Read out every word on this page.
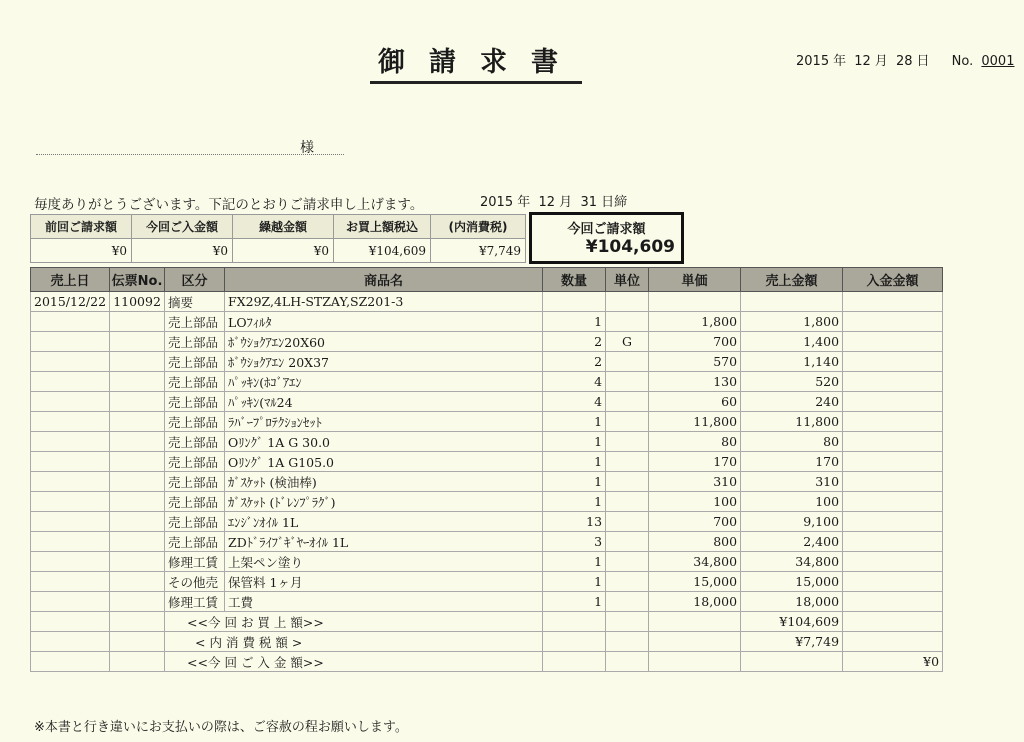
御請求書	2015 年 12 月 28 日 No. 0001
様
毎度ありがとうございます。下記のとおりご請求申し上げます。	2015 年 12 月 31 日締
前回ご請求額	今回ご入金額	繰越金額	お買上額税込	(内消費税)
¥0	¥0	¥0	¥104,609	¥7,749
今回ご請求額
¥104,609
売上日	伝票No.	区分	商品名	数量	単位	単価	売上金額	入金金額
2015/12/22	110092	摘要	FX29Z,4LH-STZAY,SZ201-3					
		売上部品	LOﾌｨﾙﾀ	1		1,800	1,800	
		売上部品	ﾎﾞｳｼｮｸｱｴﾝ20X60	2	G	700	1,400	
		売上部品	ﾎﾞｳｼｮｸｱｴﾝ 20X37	2		570	1,140	
		売上部品	ﾊﾟｯｷﾝ(ﾎｺﾞｱｴﾝ	4		130	520	
		売上部品	ﾊﾟｯｷﾝ(ﾏﾙ24	4		60	240	
		売上部品	ﾗﾊﾞｰﾌﾟﾛﾃｸｼｮﾝｾｯﾄ	1		11,800	11,800	
		売上部品	Oﾘﾝｸﾞ 1A G 30.0	1		80	80	
		売上部品	Oﾘﾝｸﾞ 1A G105.0	1		170	170	
		売上部品	ｶﾞｽｹｯﾄ (検油棒)	1		310	310	
		売上部品	ｶﾞｽｹｯﾄ (ﾄﾞﾚﾝﾌﾟﾗｸﾞ)	1		100	100	
		売上部品	ｴﾝｼﾞﾝｵｲﾙ 1L	13		700	9,100	
		売上部品	ZDﾄﾞﾗｲﾌﾞｷﾞﾔｰｵｲﾙ 1L	3		800	2,400	
		修理工賃	上架ペン塗り	1		34,800	34,800	
		その他売	保管料 1ヶ月	1		15,000	15,000	
		修理工賃	工費	1		18,000	18,000	
		<<今 回 お 買 上 額>>					¥104,609	
		< 内 消 費 税 額 >					¥7,749	
		<<今 回 ご 入 金 額>>						¥0
※本書と行き違いにお支払いの際は、ご容赦の程お願いします。
